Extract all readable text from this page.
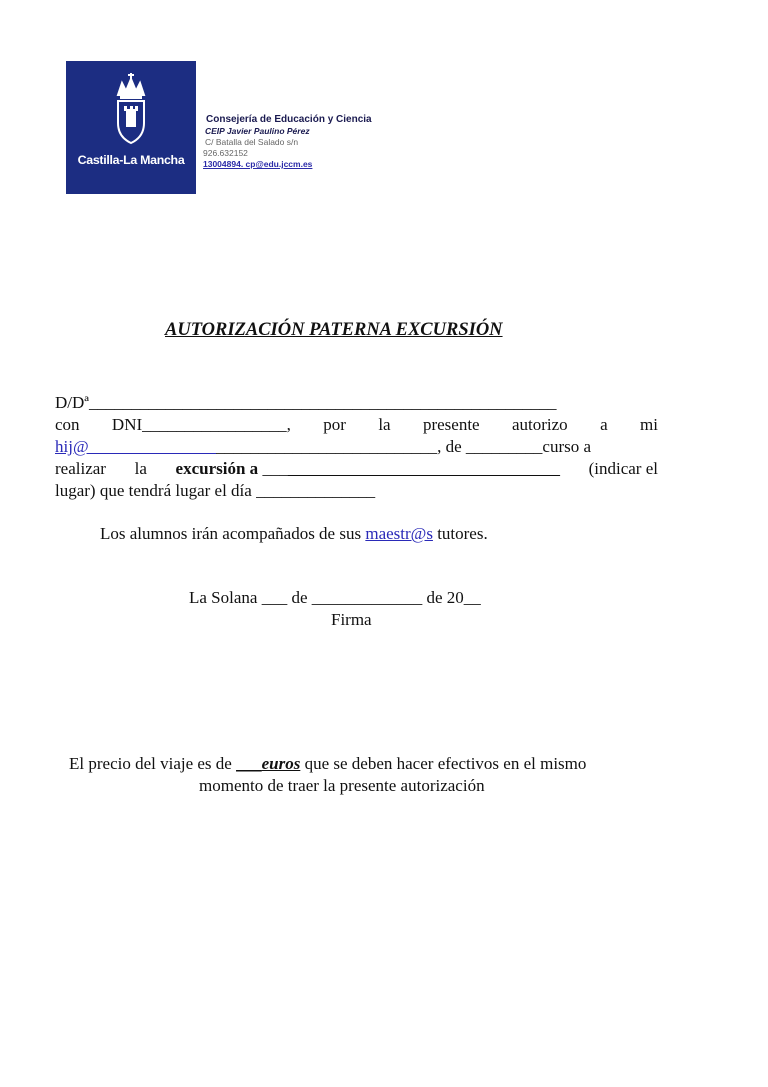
Castilla-La Mancha
Consejería de Educación y Ciencia
CEIP Javier Paulino Pérez
C/ Batalla del Salado s/n
926.632152
13004894. cp@edu.jccm.es
AUTORIZACIÓN PATERNA EXCURSIÓN
D/Dª_______________________________________________________
con DNI_________________, por la presente autorizo a mi
hij@_________________________________________, de _________curso a
realizar la excursión a ___________________________________ (indicar el
lugar) que tendrá lugar el día ______________
Los alumnos irán acompañados de sus maestr@s tutores.
La Solana ___ de _____________ de 20__
Firma
El precio del viaje es de ___euros que se deben hacer efectivos en el mismo
momento de traer la presente autorización
